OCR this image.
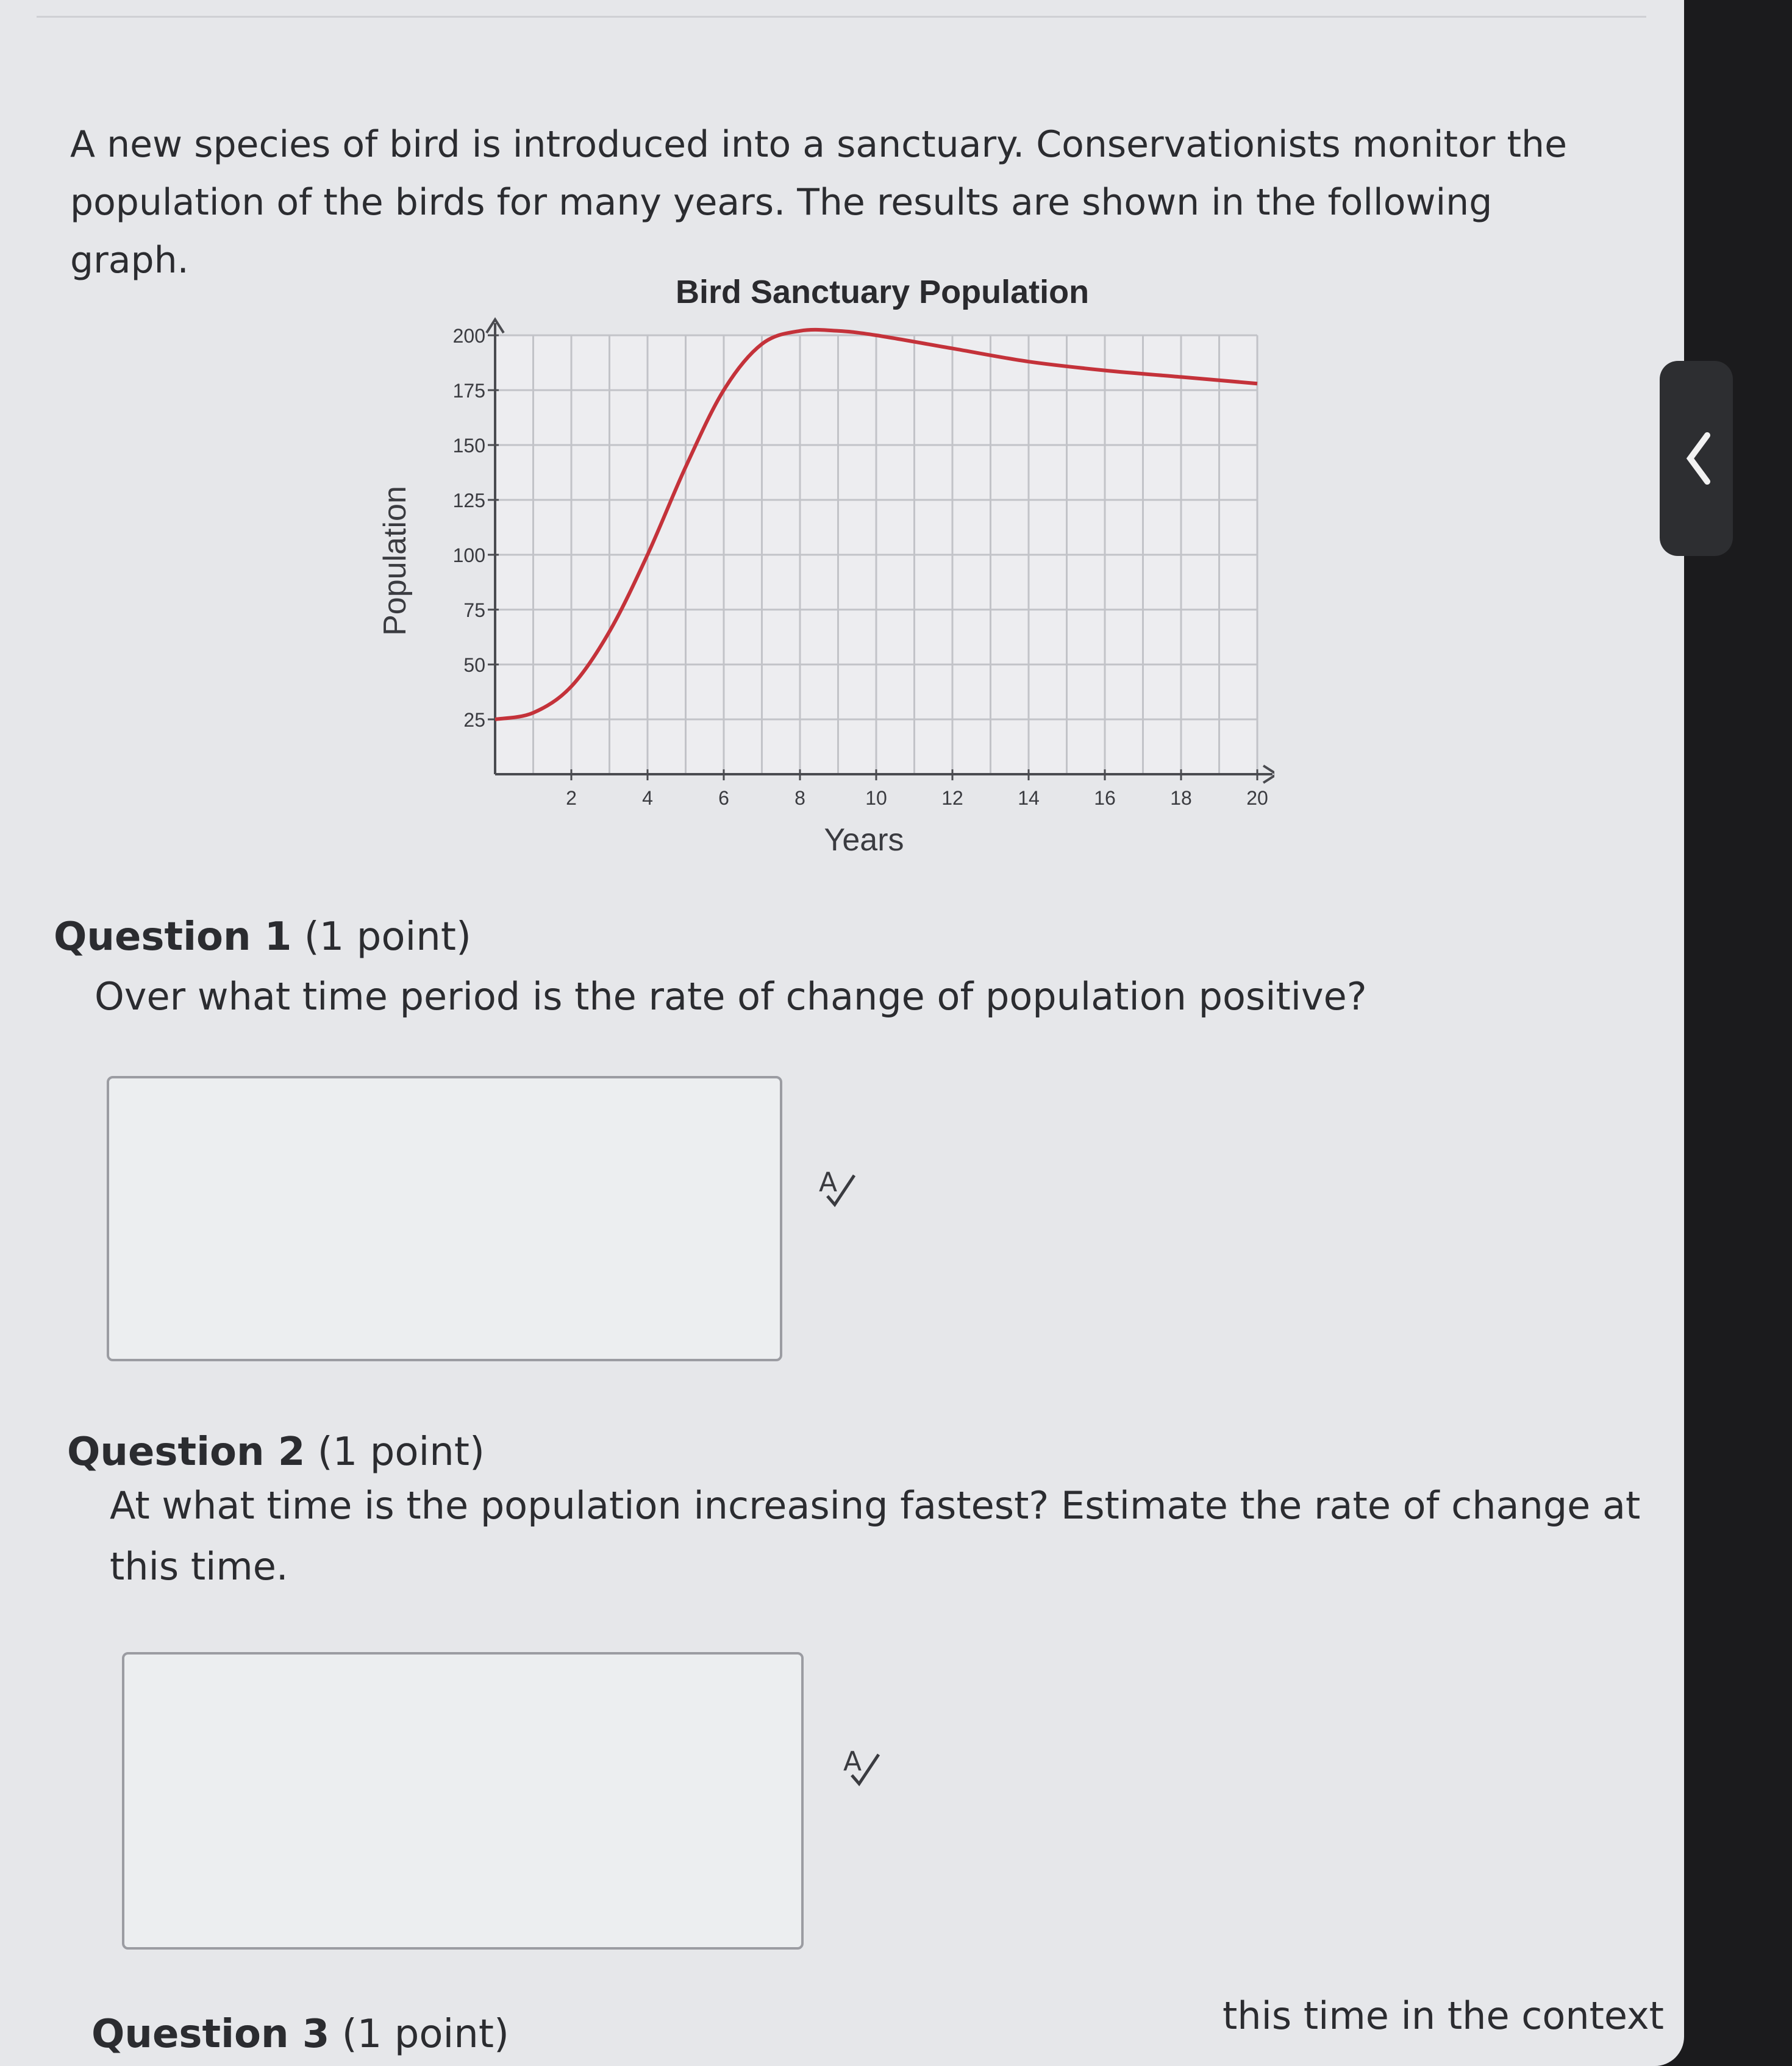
A new species of bird is introduced into a sanctuary. Conservationists monitor the population of the birds for many years. The results are shown in the following graph.
Bird Sanctuary Population
25
50
75
100
125
150
175
200
2	4	6	8	10	12	14	16	18	20
Years
Population
Question 1 (1 point)
Over what time period is the rate of change of population positive?
A
Question 2 (1 point)
At what time is the population increasing fastest? Estimate the rate of change at this time.
A
Question 3 (1 point)	this time in the context
